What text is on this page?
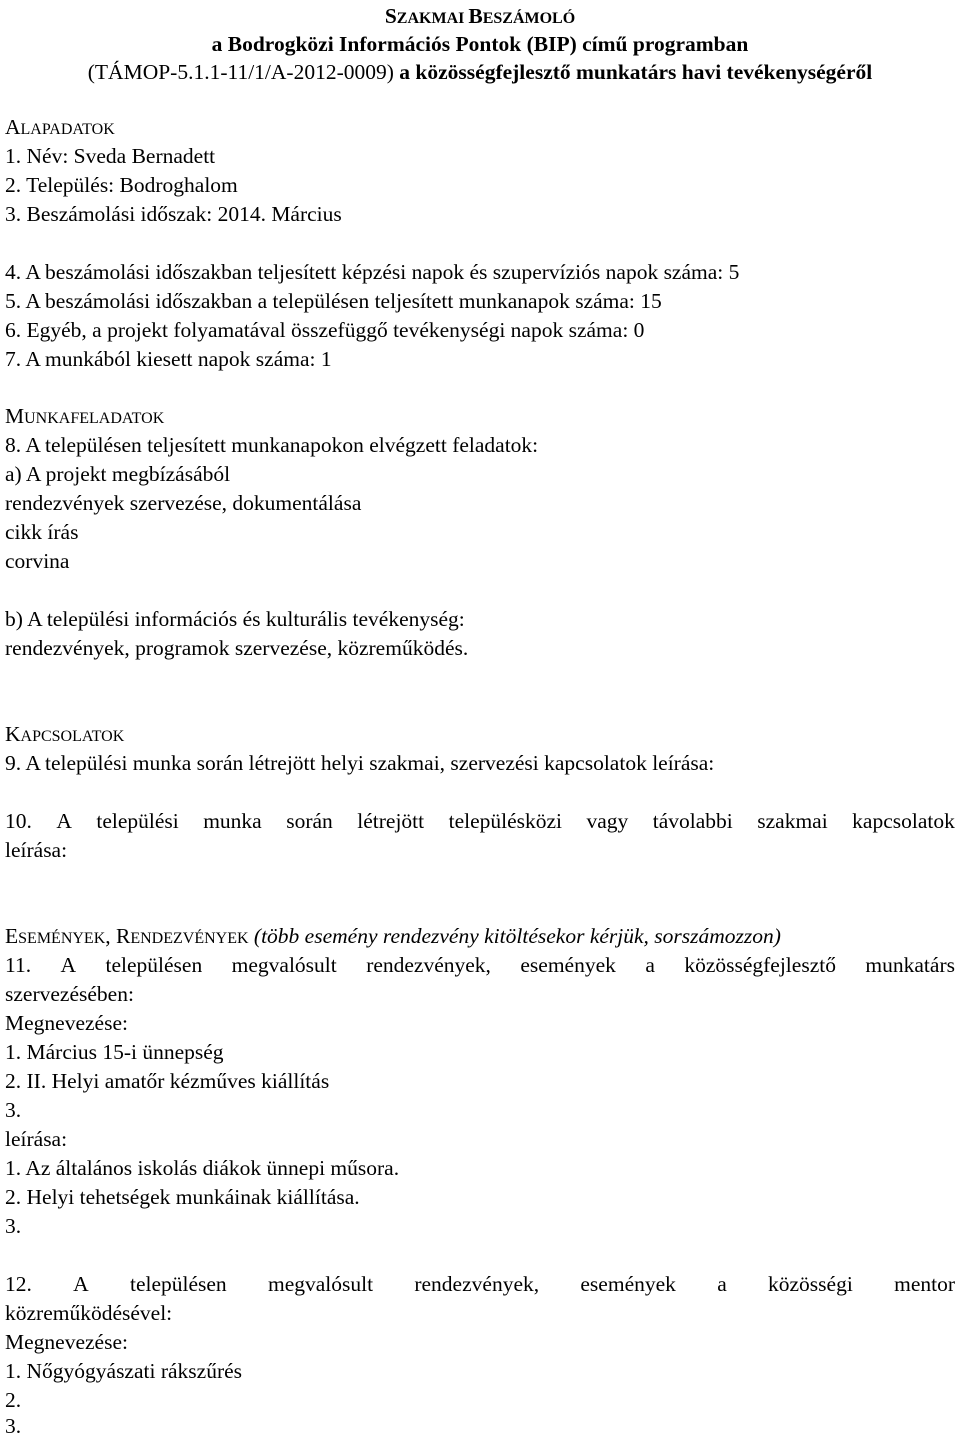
SZAKMAI BESZÁMOLÓ
a Bodrogközi Információs Pontok (BIP) című programban
(TÁMOP-5.1.1-11/1/A-2012-0009) a közösségfejlesztő munkatárs havi tevékenységéről
ALAPADATOK
1. Név: Sveda Bernadett
2. Település: Bodroghalom
3. Beszámolási időszak: 2014. Március
4. A beszámolási időszakban teljesített képzési napok és szupervíziós napok száma: 5
5. A beszámolási időszakban a településen teljesített munkanapok száma: 15
6. Egyéb, a projekt folyamatával összefüggő tevékenységi napok száma: 0
7. A munkából kiesett napok száma: 1
MUNKAFELADATOK
8. A településen teljesített munkanapokon elvégzett feladatok:
a) A projekt megbízásából
rendezvények szervezése, dokumentálása
cikk írás
corvina
b) A települési információs és kulturális tevékenység:
rendezvények, programok szervezése, közreműködés.
KAPCSOLATOK
9. A települési munka során létrejött helyi szakmai, szervezési kapcsolatok leírása:
10. A települési munka során létrejött településközi vagy távolabbi szakmai kapcsolatok
leírása:
ESEMÉNYEK, RENDEZVÉNYEK (több esemény rendezvény kitöltésekor kérjük, sorszámozzon)
11. A településen megvalósult rendezvények, események a közösségfejlesztő munkatárs
szervezésében:
Megnevezése:
1. Március 15-i ünnepség
2. II. Helyi amatőr kézműves kiállítás
3.
leírása:
1. Az általános iskolás diákok ünnepi műsora.
2. Helyi tehetségek munkáinak kiállítása.
3.
12. A településen megvalósult rendezvények, események a közösségi mentor
közreműködésével:
Megnevezése:
1. Nőgyógyászati rákszűrés
2.
3.
